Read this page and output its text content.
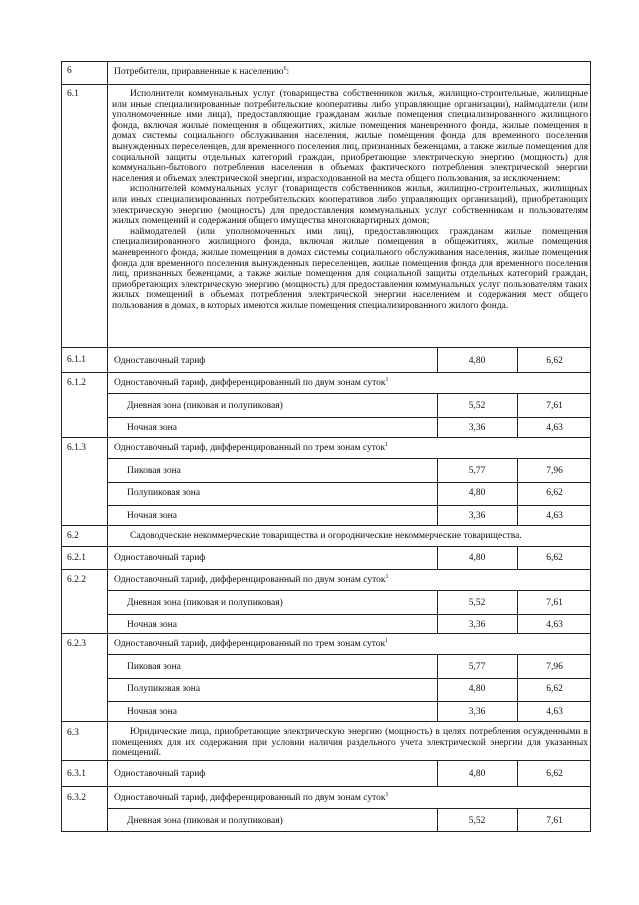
6	Потребители, приравненные к населению$^6$:
6.1	Исполнители коммунальных услуг (товарищества собственников жилья, жилищно-строительные, жилищные или иные специализированные потребительские кооперативы либо управляющие организации), наймодатели (или уполномоченные ими лица), предоставляющие гражданам жилые помещения специализированного жилищного фонда, включая жилые помещения в общежитиях, жилые помещения маневренного фонда, жилые помещения в домах системы социального обслуживания населения, жилые помещения фонда для временного поселения вынужденных переселенцев, для временного поселения лиц, признанных беженцами, а также жилые помещения для социальной защиты отдельных категорий граждан, приобретающие электрическую энергию (мощность) для коммунально-бытового потребления населения в объемах фактического потребления электрической энергии населения и объемах электрической энергии, израсходованной на места общего пользования, за исключением:
исполнителей коммунальных услуг (товариществ собственников жилья, жилищно-строительных, жилищных или иных специализированных потребительских кооперативов либо управляющих организаций), приобретающих электрическую энергию (мощность) для предоставления коммунальных услуг собственникам и пользователям жилых помещений и содержания общего имущества многоквартирных домов;
наймодателей (или уполномоченных ими лиц), предоставляющих гражданам жилые помещения специализированного жилищного фонда, включая жилые помещения в общежитиях, жилые помещения маневренного фонда, жилые помещения в домах системы социального обслуживания населения, жилые помещения фонда для временного поселения вынужденных переселенцев, жилые помещения фонда для временного поселения лиц, признанных беженцами, а также жилые помещения для социальной защиты отдельных категорий граждан, приобретающих электрическую энергию (мощность) для предоставления коммунальных услуг пользователям таких жилых помещений в объемах потребления электрической энергии населением и содержания мест общего пользования в домах, в которых имеются жилые помещения специализированного жилого фонда.
6.1.1	Одноставочный тариф	4,80	6,62
6.1.2	Одноставочный тариф, дифференцированный по двум зонам суток$^1$
Дневная зона (пиковая и полупиковая)	5,52	7,61
Ночная зона	3,36	4,63
6.1.3	Одноставочный тариф, дифференцированный по трем зонам суток$^1$
Пиковая зона	5,77	7,96
Полупиковая зона	4,80	6,62
Ночная зона	3,36	4,63
6.2	Садоводческие некоммерческие товарищества и огороднические некоммерческие товарищества.
6.2.1	Одноставочный тариф	4,80	6,62
6.2.2	Одноставочный тариф, дифференцированный по двум зонам суток$^1$
Дневная зона (пиковая и полупиковая)	5,52	7,61
Ночная зона	3,36	4,63
6.2.3	Одноставочный тариф, дифференцированный по трем зонам суток$^1$
Пиковая зона	5,77	7,96
Полупиковая зона	4,80	6,62
Ночная зона	3,36	4,63
6.3	Юридические лица, приобретающие электрическую энергию (мощность) в целях потребления осужденными в помещениях для их содержания при условии наличия раздельного учета электрической энергии для указанных помещений.
6.3.1	Одноставочный тариф	4,80	6,62
6.3.2	Одноставочный тариф, дифференцированный по двум зонам суток$^1$
Дневная зона (пиковая и полупиковая)	5,52	7,61
